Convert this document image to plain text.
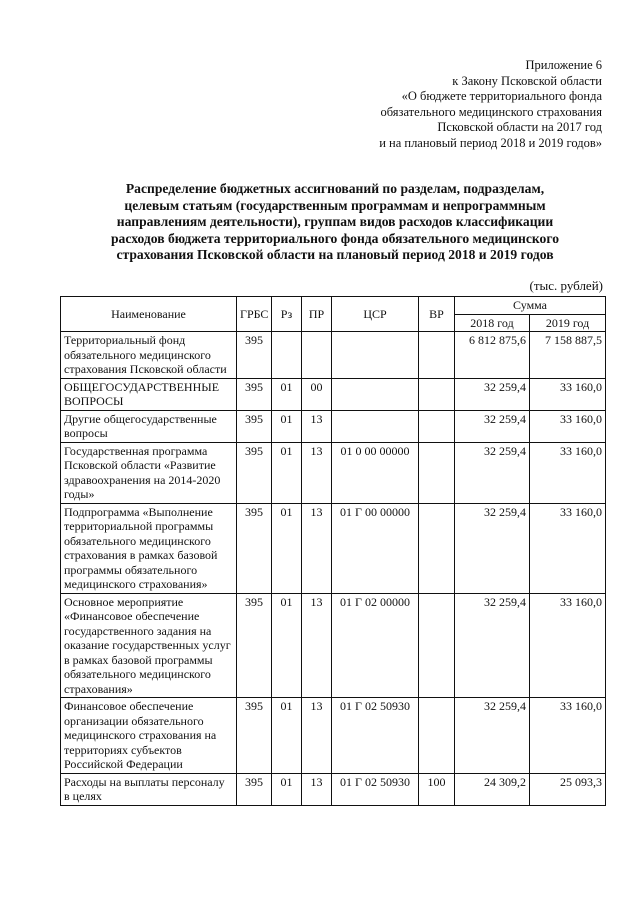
Приложение 6
к Закону Псковской области
«О бюджете территориального фонда
обязательного медицинского страхования
Псковской области на 2017 год
и на плановый период 2018 и 2019 годов»
Распределение бюджетных ассигнований по разделам, подразделам,
целевым статьям (государственным программам и непрограммным
направлениям деятельности), группам видов расходов классификации
расходов бюджета территориального фонда обязательного медицинского
страхования Псковской области на плановый период 2018 и 2019 годов
(тыс. рублей)
Наименование	ГРБС	Рз	ПР	ЦСР	ВР	Сумма	
						2018 год	2019 год
Территориальный фонд обязательного медицинского страхования Псковской области	395					6 812 875,6	7 158 887,5
ОБЩЕГОСУДАРСТВЕННЫЕ ВОПРОСЫ	395	01	00			32 259,4	33 160,0
Другие общегосударственные вопросы	395	01	13			32 259,4	33 160,0
Государственная программа Псковской области «Развитие здравоохранения на 2014-2020 годы»	395	01	13	01 0 00 00000		32 259,4	33 160,0
Подпрограмма «Выполнение территориальной программы обязательного медицинского страхования в рамках базовой программы обязательного медицинского страхования»	395	01	13	01 Г 00 00000		32 259,4	33 160,0
Основное мероприятие «Финансовое обеспечение государственного задания на оказание государственных услуг в рамках базовой программы обязательного медицинского страхования»	395	01	13	01 Г 02 00000		32 259,4	33 160,0
Финансовое обеспечение организации обязательного медицинского страхования на территориях субъектов Российской Федерации	395	01	13	01 Г 02 50930		32 259,4	33 160,0
Расходы на выплаты персоналу в целях	395	01	13	01 Г 02 50930	100	24 309,2	25 093,3
